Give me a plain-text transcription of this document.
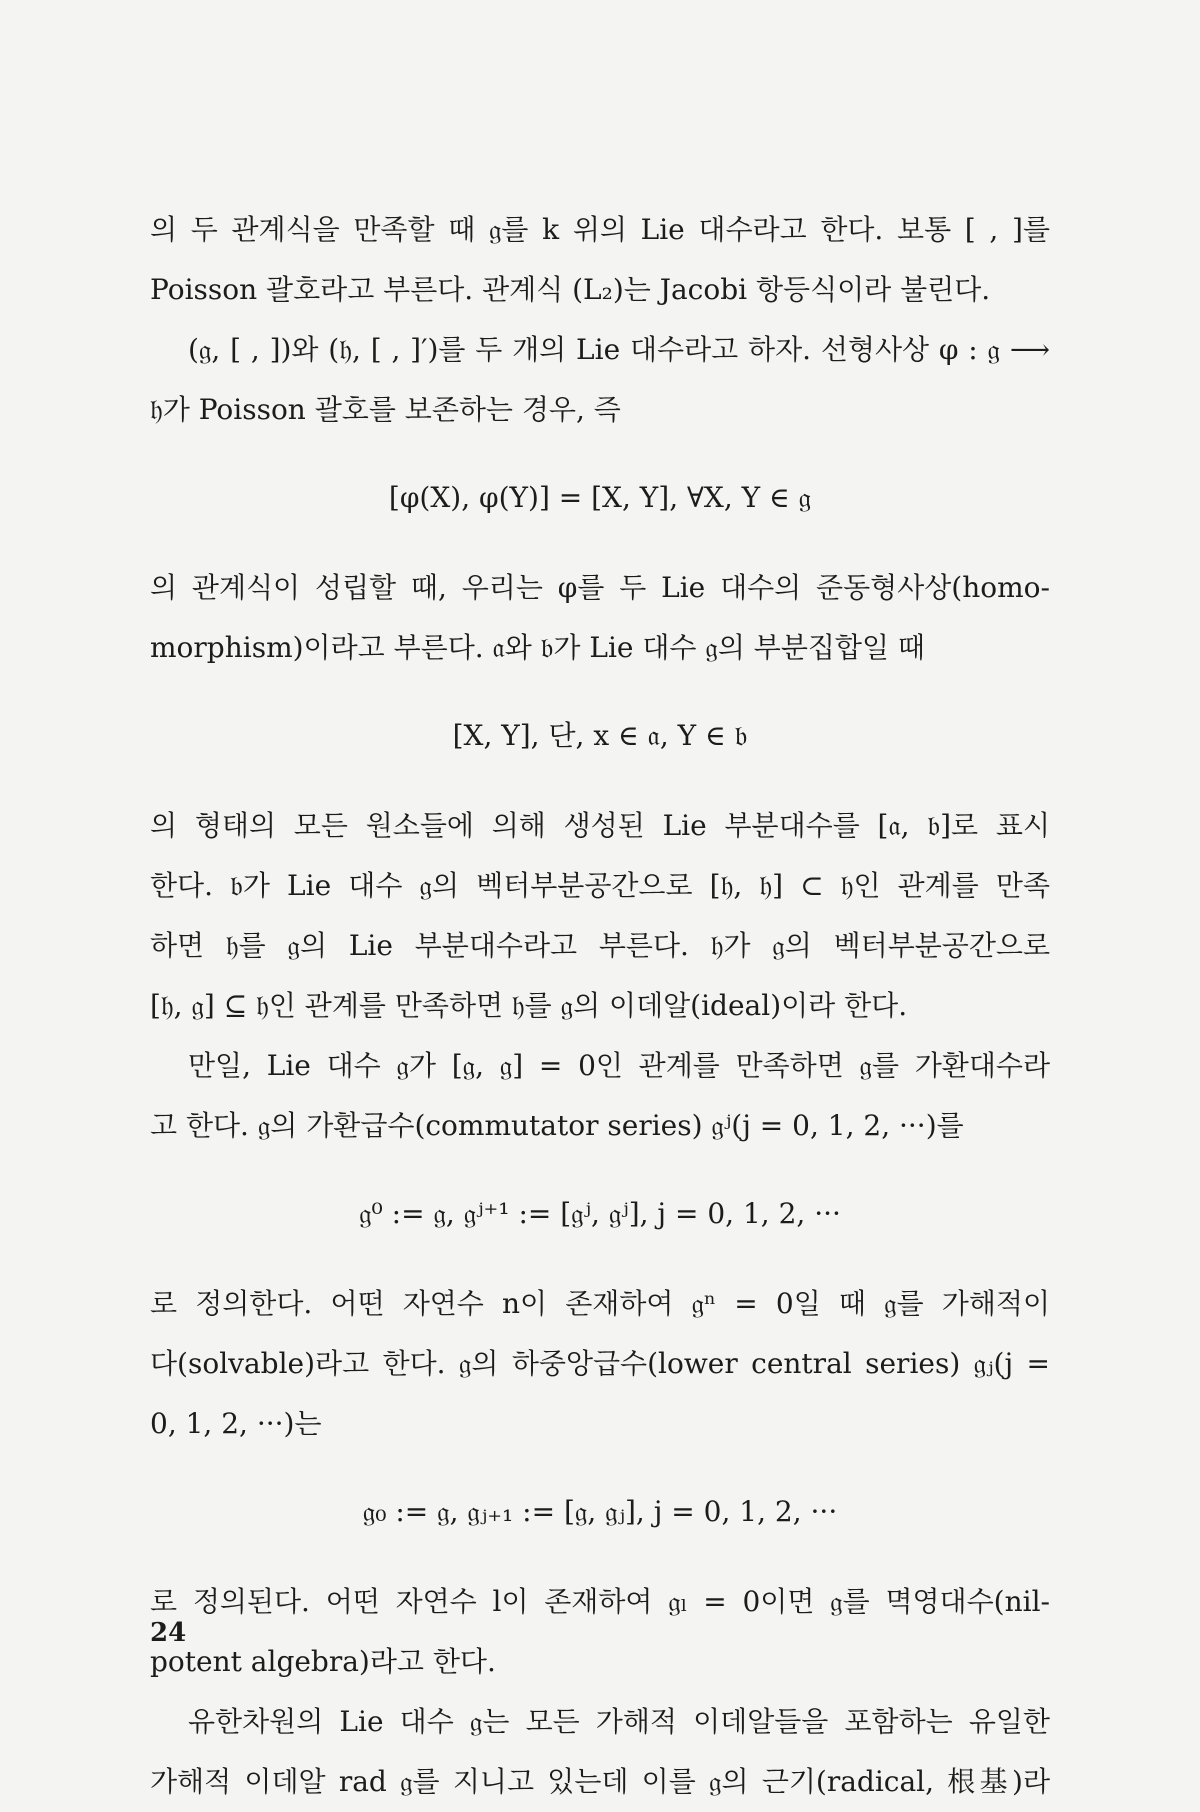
의 두 관계식을 만족할 때 𝔤를 k 위의 Lie 대수라고 한다. 보통 [ , ]를
Poisson 괄호라고 부른다. 관계식 (L₂)는 Jacobi 항등식이라 불린다.
(𝔤, [ , ])와 (𝔥, [ , ]′)를 두 개의 Lie 대수라고 하자. 선형사상 φ : 𝔤 ⟶
𝔥가 Poisson 괄호를 보존하는 경우, 즉
[φ(X), φ(Y)] = [X, Y], ∀X, Y ∈ 𝔤
의 관계식이 성립할 때, 우리는 φ를 두 Lie 대수의 준동형사상(homo-
morphism)이라고 부른다. 𝔞와 𝔟가 Lie 대수 𝔤의 부분집합일 때
[X, Y], 단, x ∈ 𝔞, Y ∈ 𝔟
의 형태의 모든 원소들에 의해 생성된 Lie 부분대수를 [𝔞, 𝔟]로 표시
한다. 𝔟가 Lie 대수 𝔤의 벡터부분공간으로 [𝔥, 𝔥] ⊂ 𝔥인 관계를 만족
하면 𝔥를 𝔤의 Lie 부분대수라고 부른다. 𝔥가 𝔤의 벡터부분공간으로
[𝔥, 𝔤] ⊆ 𝔥인 관계를 만족하면 𝔥를 𝔤의 이데알(ideal)이라 한다.
만일, Lie 대수 𝔤가 [𝔤, 𝔤] = 0인 관계를 만족하면 𝔤를 가환대수라
고 한다. 𝔤의 가환급수(commutator series) 𝔤ʲ(j = 0, 1, 2, ···)를
𝔤⁰ := 𝔤, 𝔤ʲ⁺¹ := [𝔤ʲ, 𝔤ʲ], j = 0, 1, 2, ···
로 정의한다. 어떤 자연수 n이 존재하여 𝔤ⁿ = 0일 때 𝔤를 가해적이
다(solvable)라고 한다. 𝔤의 하중앙급수(lower central series) 𝔤ⱼ(j =
0, 1, 2, ···)는
𝔤₀ := 𝔤, 𝔤ⱼ₊₁ := [𝔤, 𝔤ⱼ], j = 0, 1, 2, ···
로 정의된다. 어떤 자연수 l이 존재하여 𝔤ₗ = 0이면 𝔤를 멱영대수(nil-
potent algebra)라고 한다.
유한차원의 Lie 대수 𝔤는 모든 가해적 이데알들을 포함하는 유일한
가해적 이데알 rad 𝔤를 지니고 있는데 이를 𝔤의 근기(radical, 根基)라
24
